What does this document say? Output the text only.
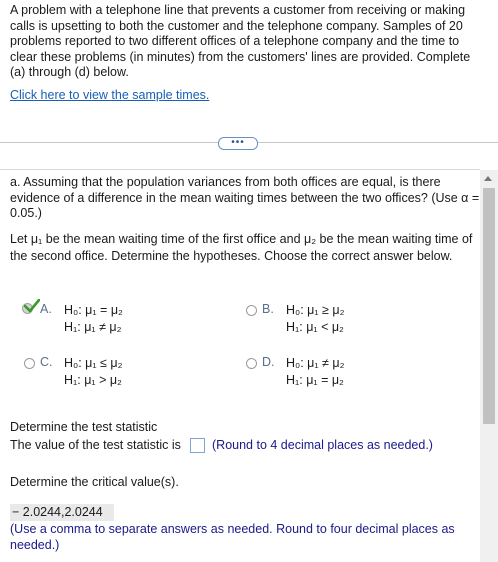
A problem with a telephone line that prevents a customer from receiving or making calls is upsetting to both the customer and the telephone company. Samples of 20 problems reported to two different offices of a telephone company and the time to clear these problems (in minutes) from the customers' lines are provided. Complete (a) through (d) below.
Click here to view the sample times.
•••
a. Assuming that the population variances from both offices are equal, is there evidence of a difference in the mean waiting times between the two offices? (Use α = 0.05.)
Let μ₁ be the mean waiting time of the first office and μ₂ be the mean waiting time of the second office. Determine the hypotheses. Choose the correct answer below.
A. H₀: μ₁ = μ₂
H₁: μ₁ ≠ μ₂
B. H₀: μ₁ ≥ μ₂
H₁: μ₁ < μ₂
C. H₀: μ₁ ≤ μ₂
H₁: μ₁ > μ₂
D. H₀: μ₁ ≠ μ₂
H₁: μ₁ = μ₂
Determine the test statistic
The value of the test statistic is (Round to 4 decimal places as needed.)
Determine the critical value(s).
− 2.0244,2.0244
(Use a comma to separate answers as needed. Round to four decimal places as needed.)
